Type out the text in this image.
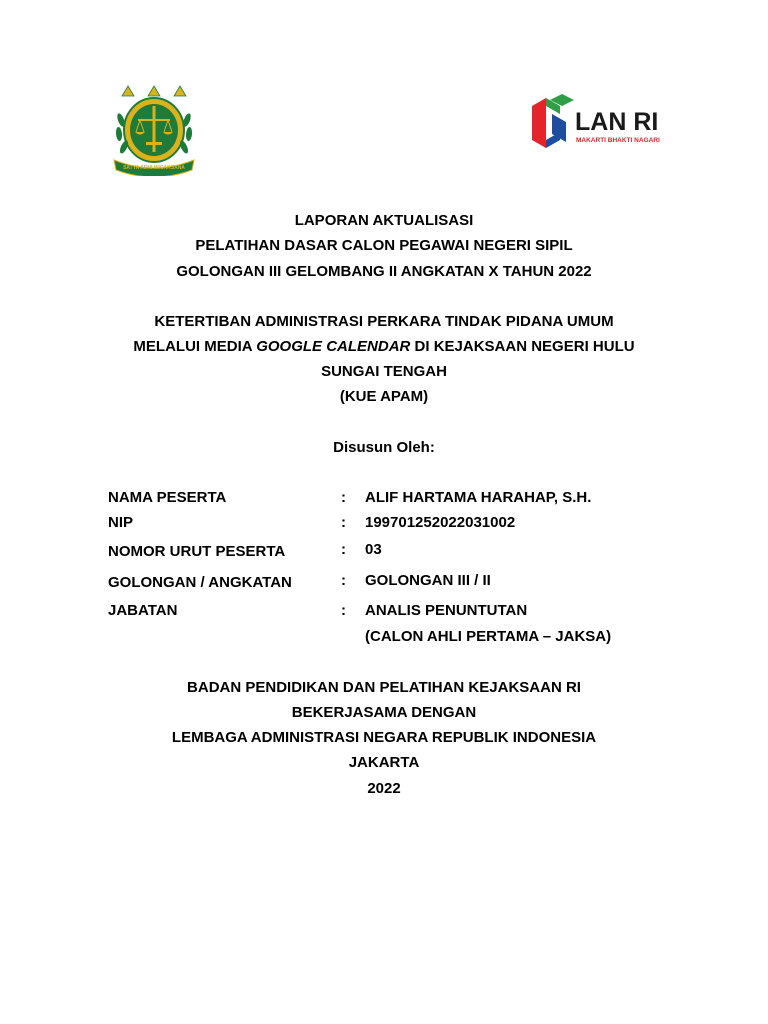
SATYA ADHI WICAKSANA
LAN RI
MAKARTI BHAKTI NAGARI
LAPORAN AKTUALISASI
PELATIHAN DASAR CALON PEGAWAI NEGERI SIPIL
GOLONGAN III GELOMBANG II ANGKATAN X TAHUN 2022
KETERTIBAN ADMINISTRASI PERKARA TINDAK PIDANA UMUM
MELALUI MEDIA GOOGLE CALENDAR DI KEJAKSAAN NEGERI HULU
SUNGAI TENGAH
(KUE APAM)
Disusun Oleh:
NAMA PESERTA	: ALIF HARTAMA HARAHAP, S.H.
NIP	: 199701252022031002
NOMOR URUT PESERTA	: 03
GOLONGAN / ANGKATAN	: GOLONGAN III / II
JABATAN	: ANALIS PENUNTUTAN
(CALON AHLI PERTAMA – JAKSA)
BADAN PENDIDIKAN DAN PELATIHAN KEJAKSAAN RI
BEKERJASAMA DENGAN
LEMBAGA ADMINISTRASI NEGARA REPUBLIK INDONESIA
JAKARTA
2022
